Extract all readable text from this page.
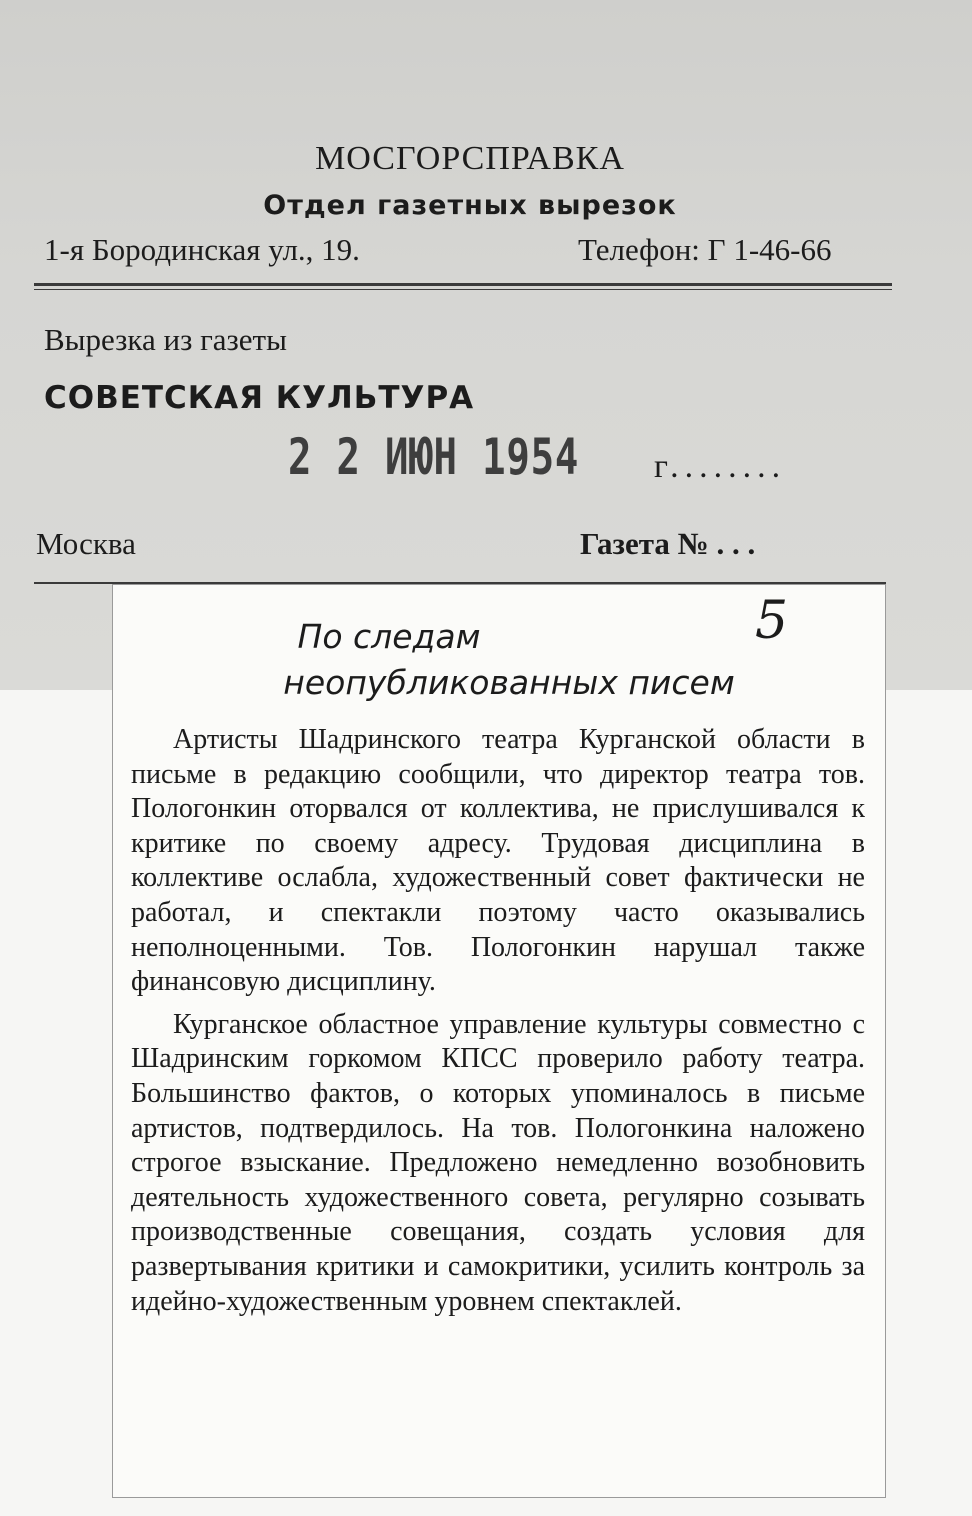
МОСГОРСПРАВКА
Отдел газетных вырезок
1-я Бородинская ул., 19.	Телефон: Г 1-46-66
Вырезка из газеты
СОВЕТСКАЯ КУЛЬТУРА
2 2 ИЮН 1954 г........
Москва	Газета № . . .
По следам	5
неопубликованных писем

Артисты Шадринского театра Курганской области в письме в редакцию сообщили, что директор театра тов. Пологонкин оторвался от коллектива, не прислушивался к критике по своему адресу. Трудовая дисциплина в коллективе ослабла, художественный совет фактически не работал, и спектакли поэтому часто оказывались неполноценными. Тов. Пологонкин нарушал также финансовую дисциплину.

Курганское областное управление культуры совместно с Шадринским горкомом КПСС проверило работу театра. Большинство фактов, о которых упоминалось в письме артистов, подтвердилось. На тов. Пологонкина наложено строгое взыскание. Предложено немедленно возобновить деятельность художественного совета, регулярно созывать производственные совещания, создать условия для развертывания критики и самокритики, усилить контроль за идейно-художественным уровнем спектаклей.
